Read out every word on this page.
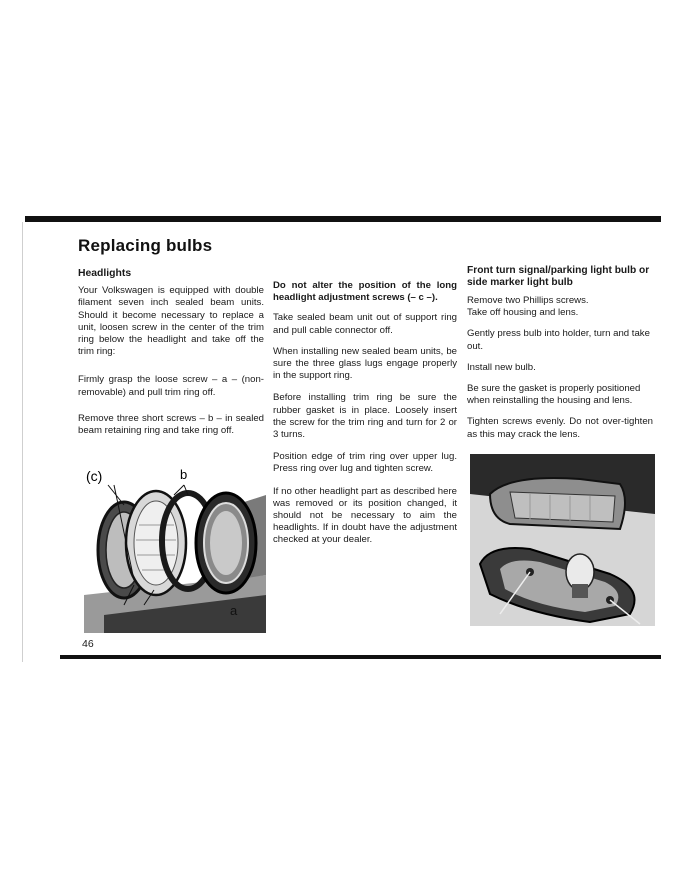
Replacing bulbs

Headlights

Your Volkswagen is equipped with double filament seven inch sealed beam units. Should it become necessary to replace a unit, loosen screw in the center of the trim ring below the headlight and take off the trim ring:

Firmly grasp the loose screw – a – (non-removable) and pull trim ring off.

Remove three short screws – b – in sealed beam retaining ring and take ring off.

(c)	b
a

Do not alter the position of the long headlight adjustment screws (– c –).

Take sealed beam unit out of support ring and pull cable connector off.

When installing new sealed beam units, be sure the three glass lugs engage properly in the support ring.

Before installing trim ring be sure the rubber gasket is in place. Loosely insert the screw for the trim ring and turn for 2 or 3 turns.

Position edge of trim ring over upper lug. Press ring over lug and tighten screw.

If no other headlight part as described here was removed or its position changed, it should not be necessary to aim the headlights. If in doubt have the adjustment checked at your dealer.

Front turn signal/parking light bulb or side marker light bulb

Remove two Phillips screws.

Take off housing and lens.

Gently press bulb into holder, turn and take out.

Install new bulb.

Be sure the gasket is properly positioned when reinstalling the housing and lens.

Tighten screws evenly. Do not over-tighten as this may crack the lens.

46
